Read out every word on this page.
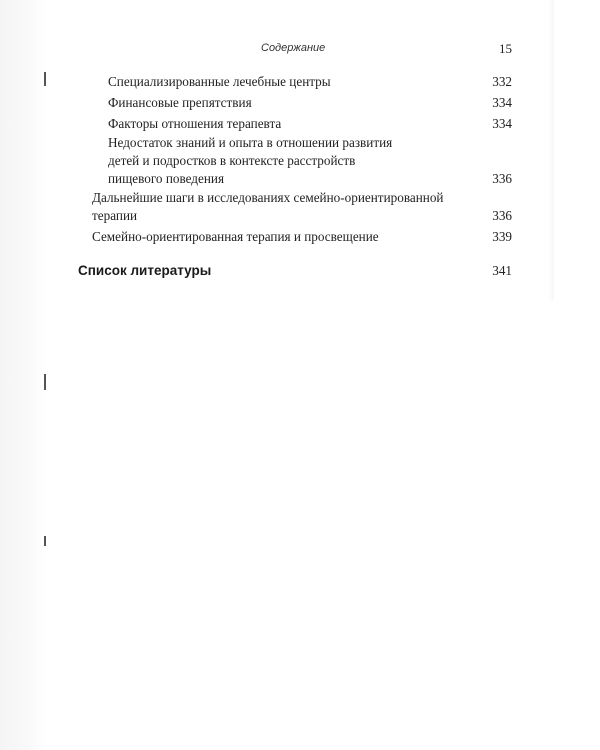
Содержание	15
Специализированные лечебные центры	332
Финансовые препятствия	334
Факторы отношения терапевта	334
Недостаток знаний и опыта в отношении развития
детей и подростков в контексте расстройств
пищевого поведения	336
Дальнейшие шаги в исследованиях семейно-ориентированной
терапии	336
Семейно-ориентированная терапия и просвещение	339
Список литературы	341
